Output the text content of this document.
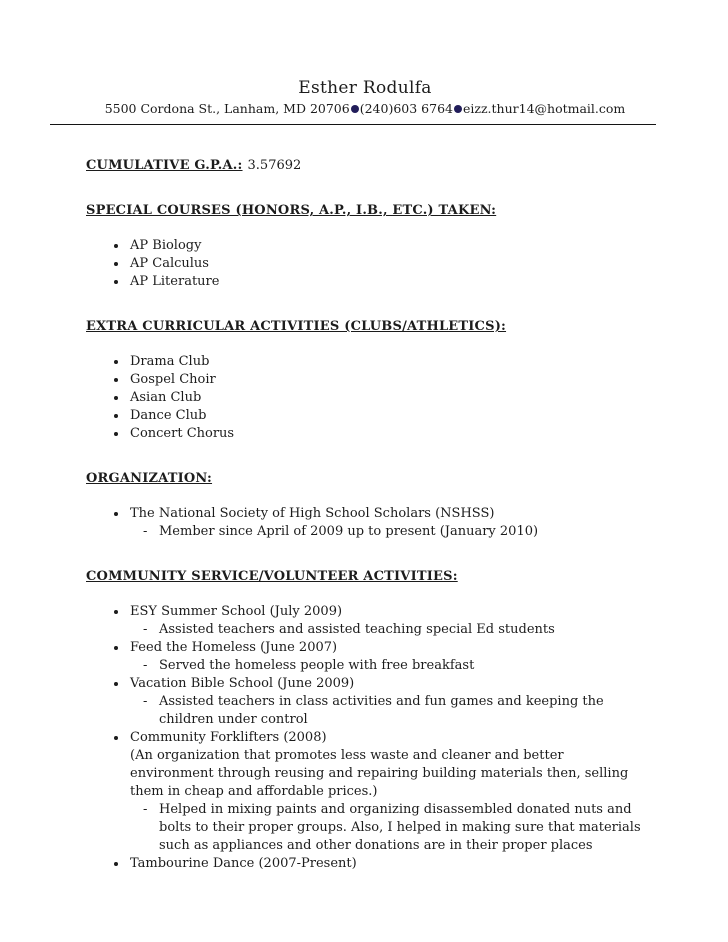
Esther Rodulfa
5500 Cordona St., Lanham, MD 20706 (240)603 6764 eizz.thur14@hotmail.com
CUMULATIVE G.P.A.: 3.57692
SPECIAL COURSES (HONORS, A.P., I.B., ETC.) TAKEN:
• AP Biology
• AP Calculus
• AP Literature
EXTRA CURRICULAR ACTIVITIES (CLUBS/ATHLETICS):
• Drama Club
• Gospel Choir
• Asian Club
• Dance Club
• Concert Chorus
ORGANIZATION:
• The National Society of High School Scholars (NSHSS)
- Member since April of 2009 up to present (January 2010)
COMMUNITY SERVICE/VOLUNTEER ACTIVITIES:
• ESY Summer School (July 2009)
- Assisted teachers and assisted teaching special Ed students
• Feed the Homeless (June 2007)
- Served the homeless people with free breakfast
• Vacation Bible School (June 2009)
- Assisted teachers in class activities and fun games and keeping the children under control
• Community Forklifters (2008)
(An organization that promotes less waste and cleaner and better environment through reusing and repairing building materials then, selling them in cheap and affordable prices.)
- Helped in mixing paints and organizing disassembled donated nuts and bolts to their proper groups. Also, I helped in making sure that materials such as appliances and other donations are in their proper places
• Tambourine Dance (2007-Present)
